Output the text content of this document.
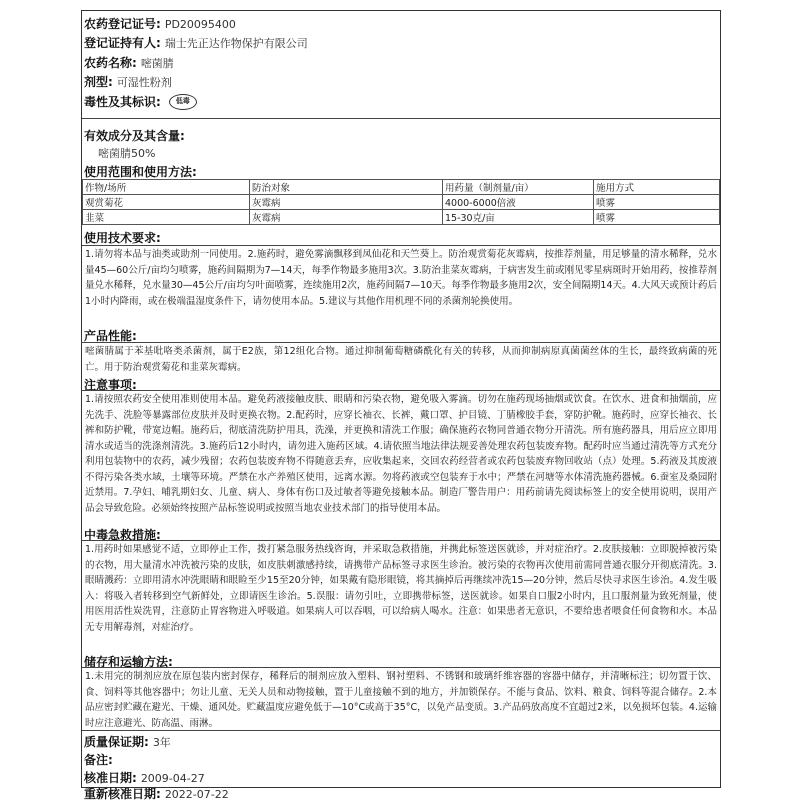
农药登记证号: PD20095400
登记证持有人: 瑞士先正达作物保护有限公司
农药名称: 嘧菌腈
剂型: 可湿性粉剂
毒性及其标识:	低毒
有效成分及其含量:
嘧菌腈50%
使用范围和使用方法:
作物/场所	防治对象	用药量（制剂量/亩）	施用方式
观赏菊花	灰霉病	4000-6000倍液	喷雾
韭菜	灰霉病	15-30克/亩	喷雾
使用技术要求:
1.请勿将本品与油类或助剂一同使用。2.施药时，避免雾滴飘移到凤仙花和天竺葵上。防治观赏菊花灰霉病，按推荐剂量，用足够量的清水稀释，兑水量45—60公斤/亩均匀喷雾，施药间隔期为7—14天，每季作物最多施用3次。3.防治韭菜灰霉病，于病害发生前或刚见零星病斑时开始用药，按推荐剂量兑水稀释，兑水量30—45公斤/亩均匀叶面喷雾，连续施用2次，施药间隔7—10天。每季作物最多施用2次，安全间隔期14天。4.大风天或预计药后1小时内降雨，或在极端温湿度条件下，请勿使用本品。5.建议与其他作用机理不同的杀菌剂轮换使用。
产品性能:
嘧菌腈属于苯基吡咯类杀菌剂，属于E2族，第12组化合物。通过抑制葡萄糖磷酰化有关的转移，从而抑制病原真菌菌丝体的生长，最终致病菌的死亡。用于防治观赏菊花和韭菜灰霉病。
注意事项:
1.请按照农药安全使用准则使用本品。避免药液接触皮肤、眼睛和污染衣物，避免吸入雾滴。切勿在施药现场抽烟或饮食。在饮水、进食和抽烟前，应先洗手、洗脸等暴露部位皮肤并及时更换衣物。2.配药时，应穿长袖衣、长裤，戴口罩、护目镜、丁腈橡胶手套，穿防护靴。施药时，应穿长袖衣、长裤和防护靴，带宽边帽。施药后，彻底清洗防护用具，洗澡，并更换和清洗工作服；确保施药衣物同普通衣物分开清洗。所有施药器具，用后应立即用清水或适当的洗涤剂清洗。3.施药后12小时内，请勿进入施药区域。4.请依照当地法律法规妥善处理农药包装废弃物。配药时应当通过清洗等方式充分利用包装物中的农药，减少残留；农药包装废弃物不得随意丢弃，应收集起来，交回农药经营者或农药包装废弃物回收站（点）处理。5.药液及其废液不得污染各类水域，土壤等环境。严禁在水产养殖区使用，远离水源。勿将药液或空包装弃于水中；严禁在河塘等水体清洗施药器械。6.蚕室及桑园附近禁用。7.孕妇、哺乳期妇女、儿童、病人、身体有伤口及过敏者等避免接触本品。制造厂警告用户：用药前请先阅读标签上的安全使用说明，误用产品会导致危险。必须始终按照产品标签说明或按照当地农业技术部门的指导使用本品。
中毒急救措施:
1.用药时如果感觉不适，立即停止工作，拨打紧急服务热线咨询，并采取急救措施，并携此标签送医就诊，并对症治疗。2.皮肤接触：立即脱掉被污染的衣物，用大量清水冲洗被污染的皮肤，如皮肤刺激感持续，请携带产品标签寻求医生诊治。被污染的衣物再次使用前需同普通衣服分开彻底清洗。3.眼睛溅药：立即用清水冲洗眼睛和眼睑至少15至20分钟，如果戴有隐形眼镜，将其摘掉后再继续冲洗15—20分钟，然后尽快寻求医生诊治。4.发生吸入：将吸入者转移到空气新鲜处，立即请医生诊治。5.误服：请勿引吐，立即携带标签，送医就诊。如果自口服2小时内，且口服剂量为致死剂量，使用医用活性炭洗胃，注意防止胃容物进入呼吸道。如果病人可以吞咽，可以给病人喝水。注意：如果患者无意识，不要给患者喂食任何食物和水。本品无专用解毒剂，对症治疗。
储存和运输方法:
1.未用完的制剂应放在原包装内密封保存，稀释后的制剂应放入塑料、钢衬塑料、不锈钢和玻璃纤维容器的容器中储存，并清晰标注；切勿置于饮、食、饲料等其他容器中；勿让儿童、无关人员和动物接触，置于儿童接触不到的地方，并加锁保存。不能与食品、饮料、粮食、饲料等混合储存。2.本品应密封贮藏在避光、干燥、通风处。贮藏温度应避免低于—10°C或高于35°C，以免产品变质。3.产品码放高度不宜超过2米，以免损坏包装。4.运输时应注意避光、防高温、雨淋。
质量保证期: 3年
备注:
核准日期: 2009-04-27
重新核准日期: 2022-07-22
